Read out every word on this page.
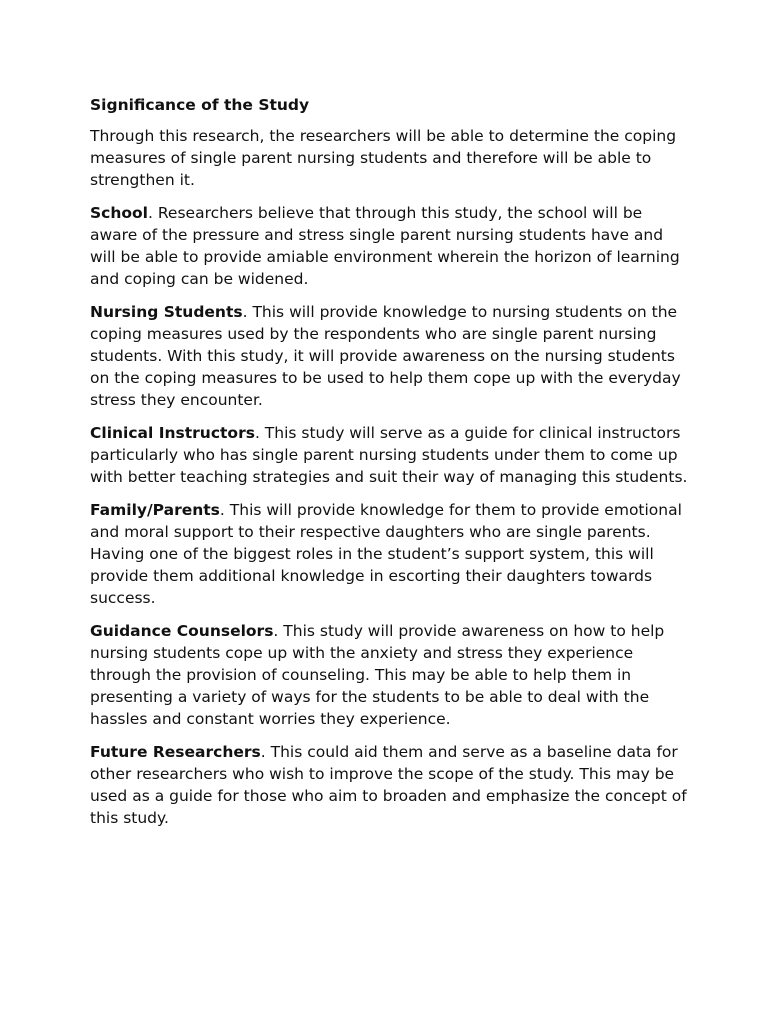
Significance of the Study

Through this research, the researchers will be able to determine the coping measures of single parent nursing students and therefore will be able to strengthen it.

School. Researchers believe that through this study, the school will be aware of the pressure and stress single parent nursing students have and will be able to provide amiable environment wherein the horizon of learning and coping can be widened.

Nursing Students. This will provide knowledge to nursing students on the coping measures used by the respondents who are single parent nursing students. With this study, it will provide awareness on the nursing students on the coping measures to be used to help them cope up with the everyday stress they encounter.

Clinical Instructors. This study will serve as a guide for clinical instructors particularly who has single parent nursing students under them to come up with better teaching strategies and suit their way of managing this students.

Family/Parents. This will provide knowledge for them to provide emotional and moral support to their respective daughters who are single parents. Having one of the biggest roles in the student’s support system, this will provide them additional knowledge in escorting their daughters towards success.

Guidance Counselors. This study will provide awareness on how to help nursing students cope up with the anxiety and stress they experience through the provision of counseling. This may be able to help them in presenting a variety of ways for the students to be able to deal with the hassles and constant worries they experience.

Future Researchers. This could aid them and serve as a baseline data for other researchers who wish to improve the scope of the study. This may be used as a guide for those who aim to broaden and emphasize the concept of this study.
